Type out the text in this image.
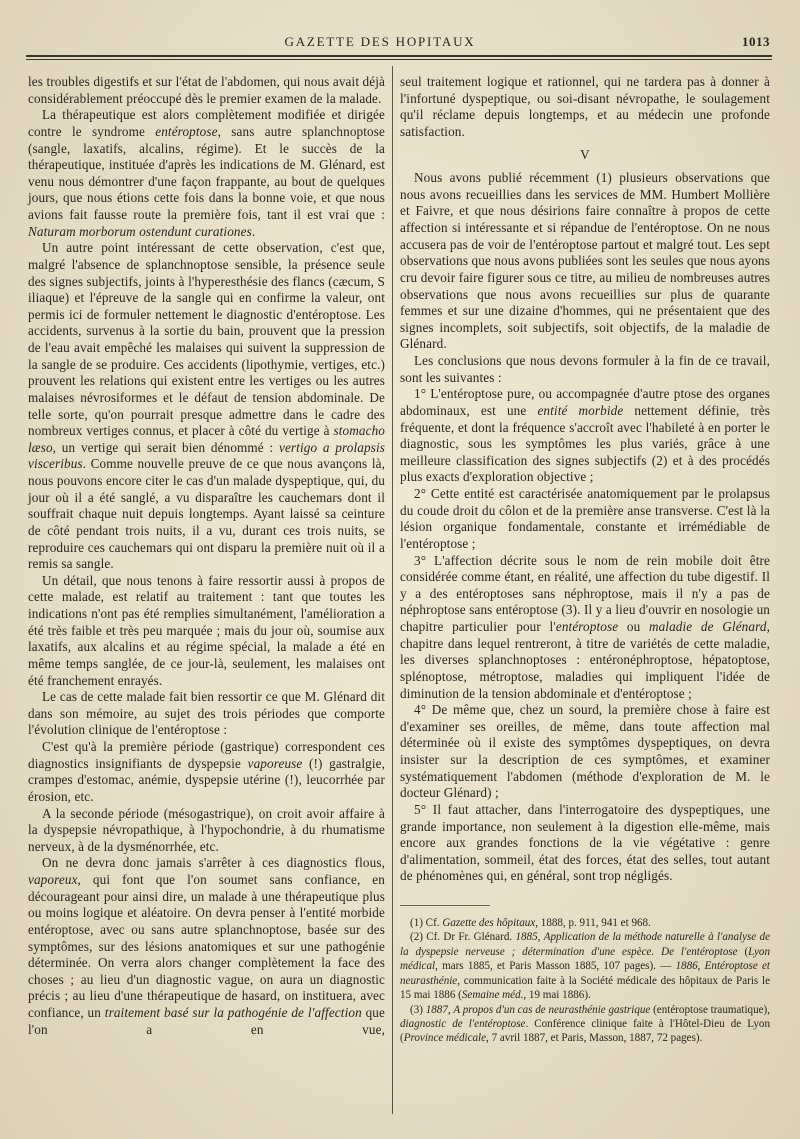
GAZETTE DES HOPITAUX	1013

les troubles digestifs et sur l'état de l'abdomen, qui nous avait déjà considérablement préoccupé dès le premier examen de la malade.

La thérapeutique est alors complètement modifiée et dirigée contre le syndrome entéroptose, sans autre splanchnoptose (sangle, laxatifs, alcalins, régime). Et le succès de la thérapeutique, instituée d'après les indications de M. Glénard, est venu nous démontrer d'une façon frappante, au bout de quelques jours, que nous étions cette fois dans la bonne voie, et que nous avions fait fausse route la première fois, tant il est vrai que : Naturam morborum ostendunt curationes.

Un autre point intéressant de cette observation, c'est que, malgré l'absence de splanchnoptose sensible, la présence seule des signes subjectifs, joints à l'hyperesthésie des flancs (cæcum, S iliaque) et l'épreuve de la sangle qui en confirme la valeur, ont permis ici de formuler nettement le diagnostic d'entéroptose. Les accidents, survenus à la sortie du bain, prouvent que la pression de l'eau avait empêché les malaises qui suivent la suppression de la sangle de se produire. Ces accidents (lipothymie, vertiges, etc.) prouvent les relations qui existent entre les vertiges ou les autres malaises névrosiformes et le défaut de tension abdominale. De telle sorte, qu'on pourrait presque admettre dans le cadre des nombreux vertiges connus, et placer à côté du vertige à stomacho læso, un vertige qui serait bien dénommé : vertigo a prolapsis visceribus. Comme nouvelle preuve de ce que nous avançons là, nous pouvons encore citer le cas d'un malade dyspeptique, qui, du jour où il a été sanglé, a vu disparaître les cauchemars dont il souffrait chaque nuit depuis longtemps. Ayant laissé sa ceinture de côté pendant trois nuits, il a vu, durant ces trois nuits, se reproduire ces cauchemars qui ont disparu la première nuit où il a remis sa sangle.

Un détail, que nous tenons à faire ressortir aussi à propos de cette malade, est relatif au traitement : tant que toutes les indications n'ont pas été remplies simultanément, l'amélioration a été très faible et très peu marquée ; mais du jour où, soumise aux laxatifs, aux alcalins et au régime spécial, la malade a été en même temps sanglée, de ce jour-là, seulement, les malaises ont été franchement enrayés.

Le cas de cette malade fait bien ressortir ce que M. Glénard dit dans son mémoire, au sujet des trois périodes que comporte l'évolution clinique de l'entéroptose :

C'est qu'à la première période (gastrique) correspondent ces diagnostics insignifiants de dyspepsie vaporeuse (!) gastralgie, crampes d'estomac, anémie, dyspepsie utérine (!), leucorrhée par érosion, etc.

A la seconde période (mésogastrique), on croit avoir affaire à la dyspepsie névropathique, à l'hypochondrie, à du rhumatisme nerveux, à de la dysménorrhée, etc.

On ne devra donc jamais s'arrêter à ces diagnostics flous, vaporeux, qui font que l'on soumet sans confiance, en décourageant pour ainsi dire, un malade à une thérapeutique plus ou moins logique et aléatoire. On devra penser à l'entité morbide entéroptose, avec ou sans autre splanchnoptose, basée sur des symptômes, sur des lésions anatomiques et sur une pathogénie déterminée. On verra alors changer complètement la face des choses ; au lieu d'un diagnostic vague, on aura un diagnostic précis ; au lieu d'une thérapeutique de hasard, on instituera, avec confiance, un traitement basé sur la pathogénie de l'affection que l'on a en vue,

seul traitement logique et rationnel, qui ne tardera pas à donner à l'infortuné dyspeptique, ou soi-disant névropathe, le soulagement qu'il réclame depuis longtemps, et au médecin une profonde satisfaction.

V

Nous avons publié récemment (1) plusieurs observations que nous avons recueillies dans les services de MM. Humbert Mollière et Faivre, et que nous désirions faire connaître à propos de cette affection si intéressante et si répandue de l'entéroptose. On ne nous accusera pas de voir de l'entéroptose partout et malgré tout. Les sept observations que nous avons publiées sont les seules que nous ayons cru devoir faire figurer sous ce titre, au milieu de nombreuses autres observations que nous avons recueillies sur plus de quarante femmes et sur une dizaine d'hommes, qui ne présentaient que des signes incomplets, soit subjectifs, soit objectifs, de la maladie de Glénard.

Les conclusions que nous devons formuler à la fin de ce travail, sont les suivantes :

1° L'entéroptose pure, ou accompagnée d'autre ptose des organes abdominaux, est une entité morbide nettement définie, très fréquente, et dont la fréquence s'accroît avec l'habileté à en porter le diagnostic, sous les symptômes les plus variés, grâce à une meilleure classification des signes subjectifs (2) et à des procédés plus exacts d'exploration objective ;

2° Cette entité est caractérisée anatomiquement par le prolapsus du coude droit du côlon et de la première anse transverse. C'est là la lésion organique fondamentale, constante et irrémédiable de l'entéroptose ;

3° L'affection décrite sous le nom de rein mobile doit être considérée comme étant, en réalité, une affection du tube digestif. Il y a des entéroptoses sans néphroptose, mais il n'y a pas de néphroptose sans entéroptose (3). Il y a lieu d'ouvrir en nosologie un chapitre particulier pour l'entéroptose ou maladie de Glénard, chapitre dans lequel rentreront, à titre de variétés de cette maladie, les diverses splanchnoptoses : entéronéphroptose, hépatoptose, splénoptose, métroptose, maladies qui impliquent l'idée de diminution de la tension abdominale et d'entéroptose ;

4° De même que, chez un sourd, la première chose à faire est d'examiner ses oreilles, de même, dans toute affection mal déterminée où il existe des symptômes dyspeptiques, on devra insister sur la description de ces symptômes, et examiner systématiquement l'abdomen (méthode d'exploration de M. le docteur Glénard) ;

5° Il faut attacher, dans l'interrogatoire des dyspeptiques, une grande importance, non seulement à la digestion elle-même, mais encore aux grandes fonctions de la vie végétative : genre d'alimentation, sommeil, état des forces, état des selles, tout autant de phénomènes qui, en général, sont trop négligés.

(1) Cf. Gazette des hôpitaux, 1888, p. 911, 941 et 968.

(2) Cf. Dr Fr. Glénard. 1885, Application de la méthode naturelle à l'analyse de la dyspepsie nerveuse ; détermination d'une espèce. De l'entéroptose (Lyon médical, mars 1885, et Paris Masson 1885, 107 pages). — 1886, Entéroptose et neurasthénie, communication faite à la Société médicale des hôpitaux de Paris le 15 mai 1886 (Semaine méd., 19 mai 1886).

(3) 1887, A propos d'un cas de neurasthénie gastrique (entéroptose traumatique), diagnostic de l'entéroptose. Conférence clinique faite à l'Hôtel-Dieu de Lyon (Province médicale, 7 avril 1887, et Paris, Masson, 1887, 72 pages).
